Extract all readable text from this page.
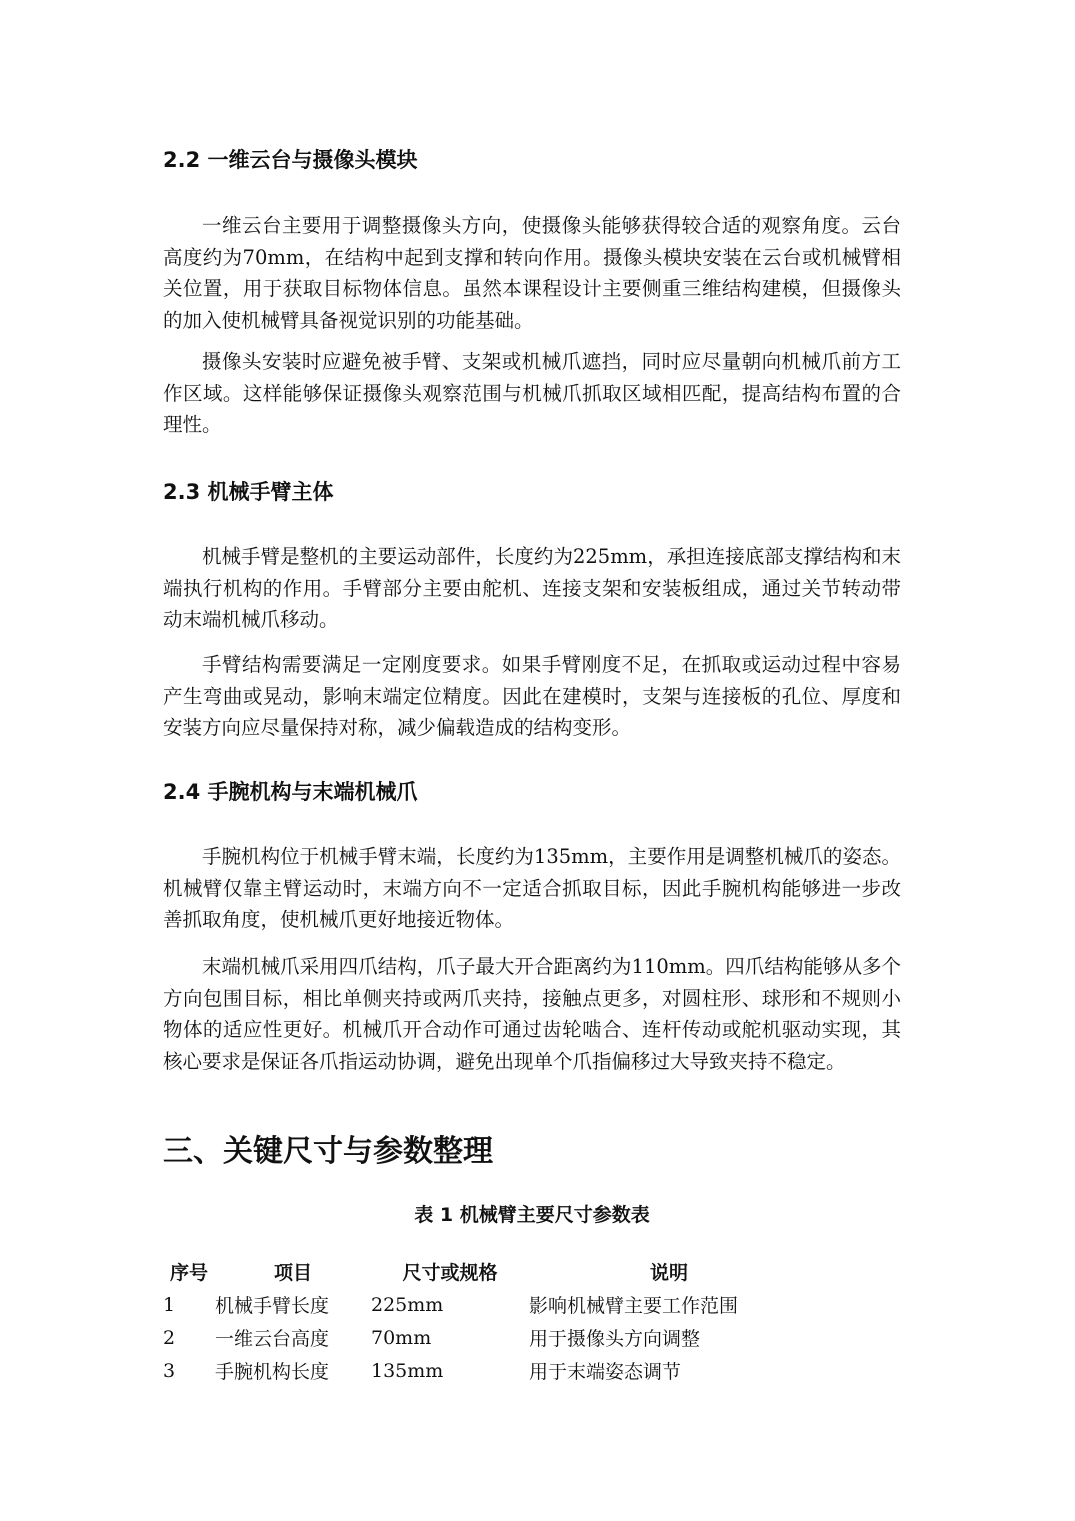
2.2 一维云台与摄像头模块

一维云台主要用于调整摄像头方向，使摄像头能够获得较合适的观察角度。云台高度约为70mm，在结构中起到支撑和转向作用。摄像头模块安装在云台或机械臂相关位置，用于获取目标物体信息。虽然本课程设计主要侧重三维结构建模，但摄像头的加入使机械臂具备视觉识别的功能基础。

摄像头安装时应避免被手臂、支架或机械爪遮挡，同时应尽量朝向机械爪前方工作区域。这样能够保证摄像头观察范围与机械爪抓取区域相匹配，提高结构布置的合理性。

2.3 机械手臂主体

机械手臂是整机的主要运动部件，长度约为225mm，承担连接底部支撑结构和末端执行机构的作用。手臂部分主要由舵机、连接支架和安装板组成，通过关节转动带动末端机械爪移动。

手臂结构需要满足一定刚度要求。如果手臂刚度不足，在抓取或运动过程中容易产生弯曲或晃动，影响末端定位精度。因此在建模时，支架与连接板的孔位、厚度和安装方向应尽量保持对称，减少偏载造成的结构变形。

2.4 手腕机构与末端机械爪

手腕机构位于机械手臂末端，长度约为135mm，主要作用是调整机械爪的姿态。机械臂仅靠主臂运动时，末端方向不一定适合抓取目标，因此手腕机构能够进一步改善抓取角度，使机械爪更好地接近物体。

末端机械爪采用四爪结构，爪子最大开合距离约为110mm。四爪结构能够从多个方向包围目标，相比单侧夹持或两爪夹持，接触点更多，对圆柱形、球形和不规则小物体的适应性更好。机械爪开合动作可通过齿轮啮合、连杆传动或舵机驱动实现，其核心要求是保证各爪指运动协调，避免出现单个爪指偏移过大导致夹持不稳定。

三、关键尺寸与参数整理
表 1 机械臂主要尺寸参数表
序号	项目	尺寸或规格	说明
1	机械手臂长度	225mm	影响机械臂主要工作范围
2	一维云台高度	70mm	用于摄像头方向调整
3	手腕机构长度	135mm	用于末端姿态调节
